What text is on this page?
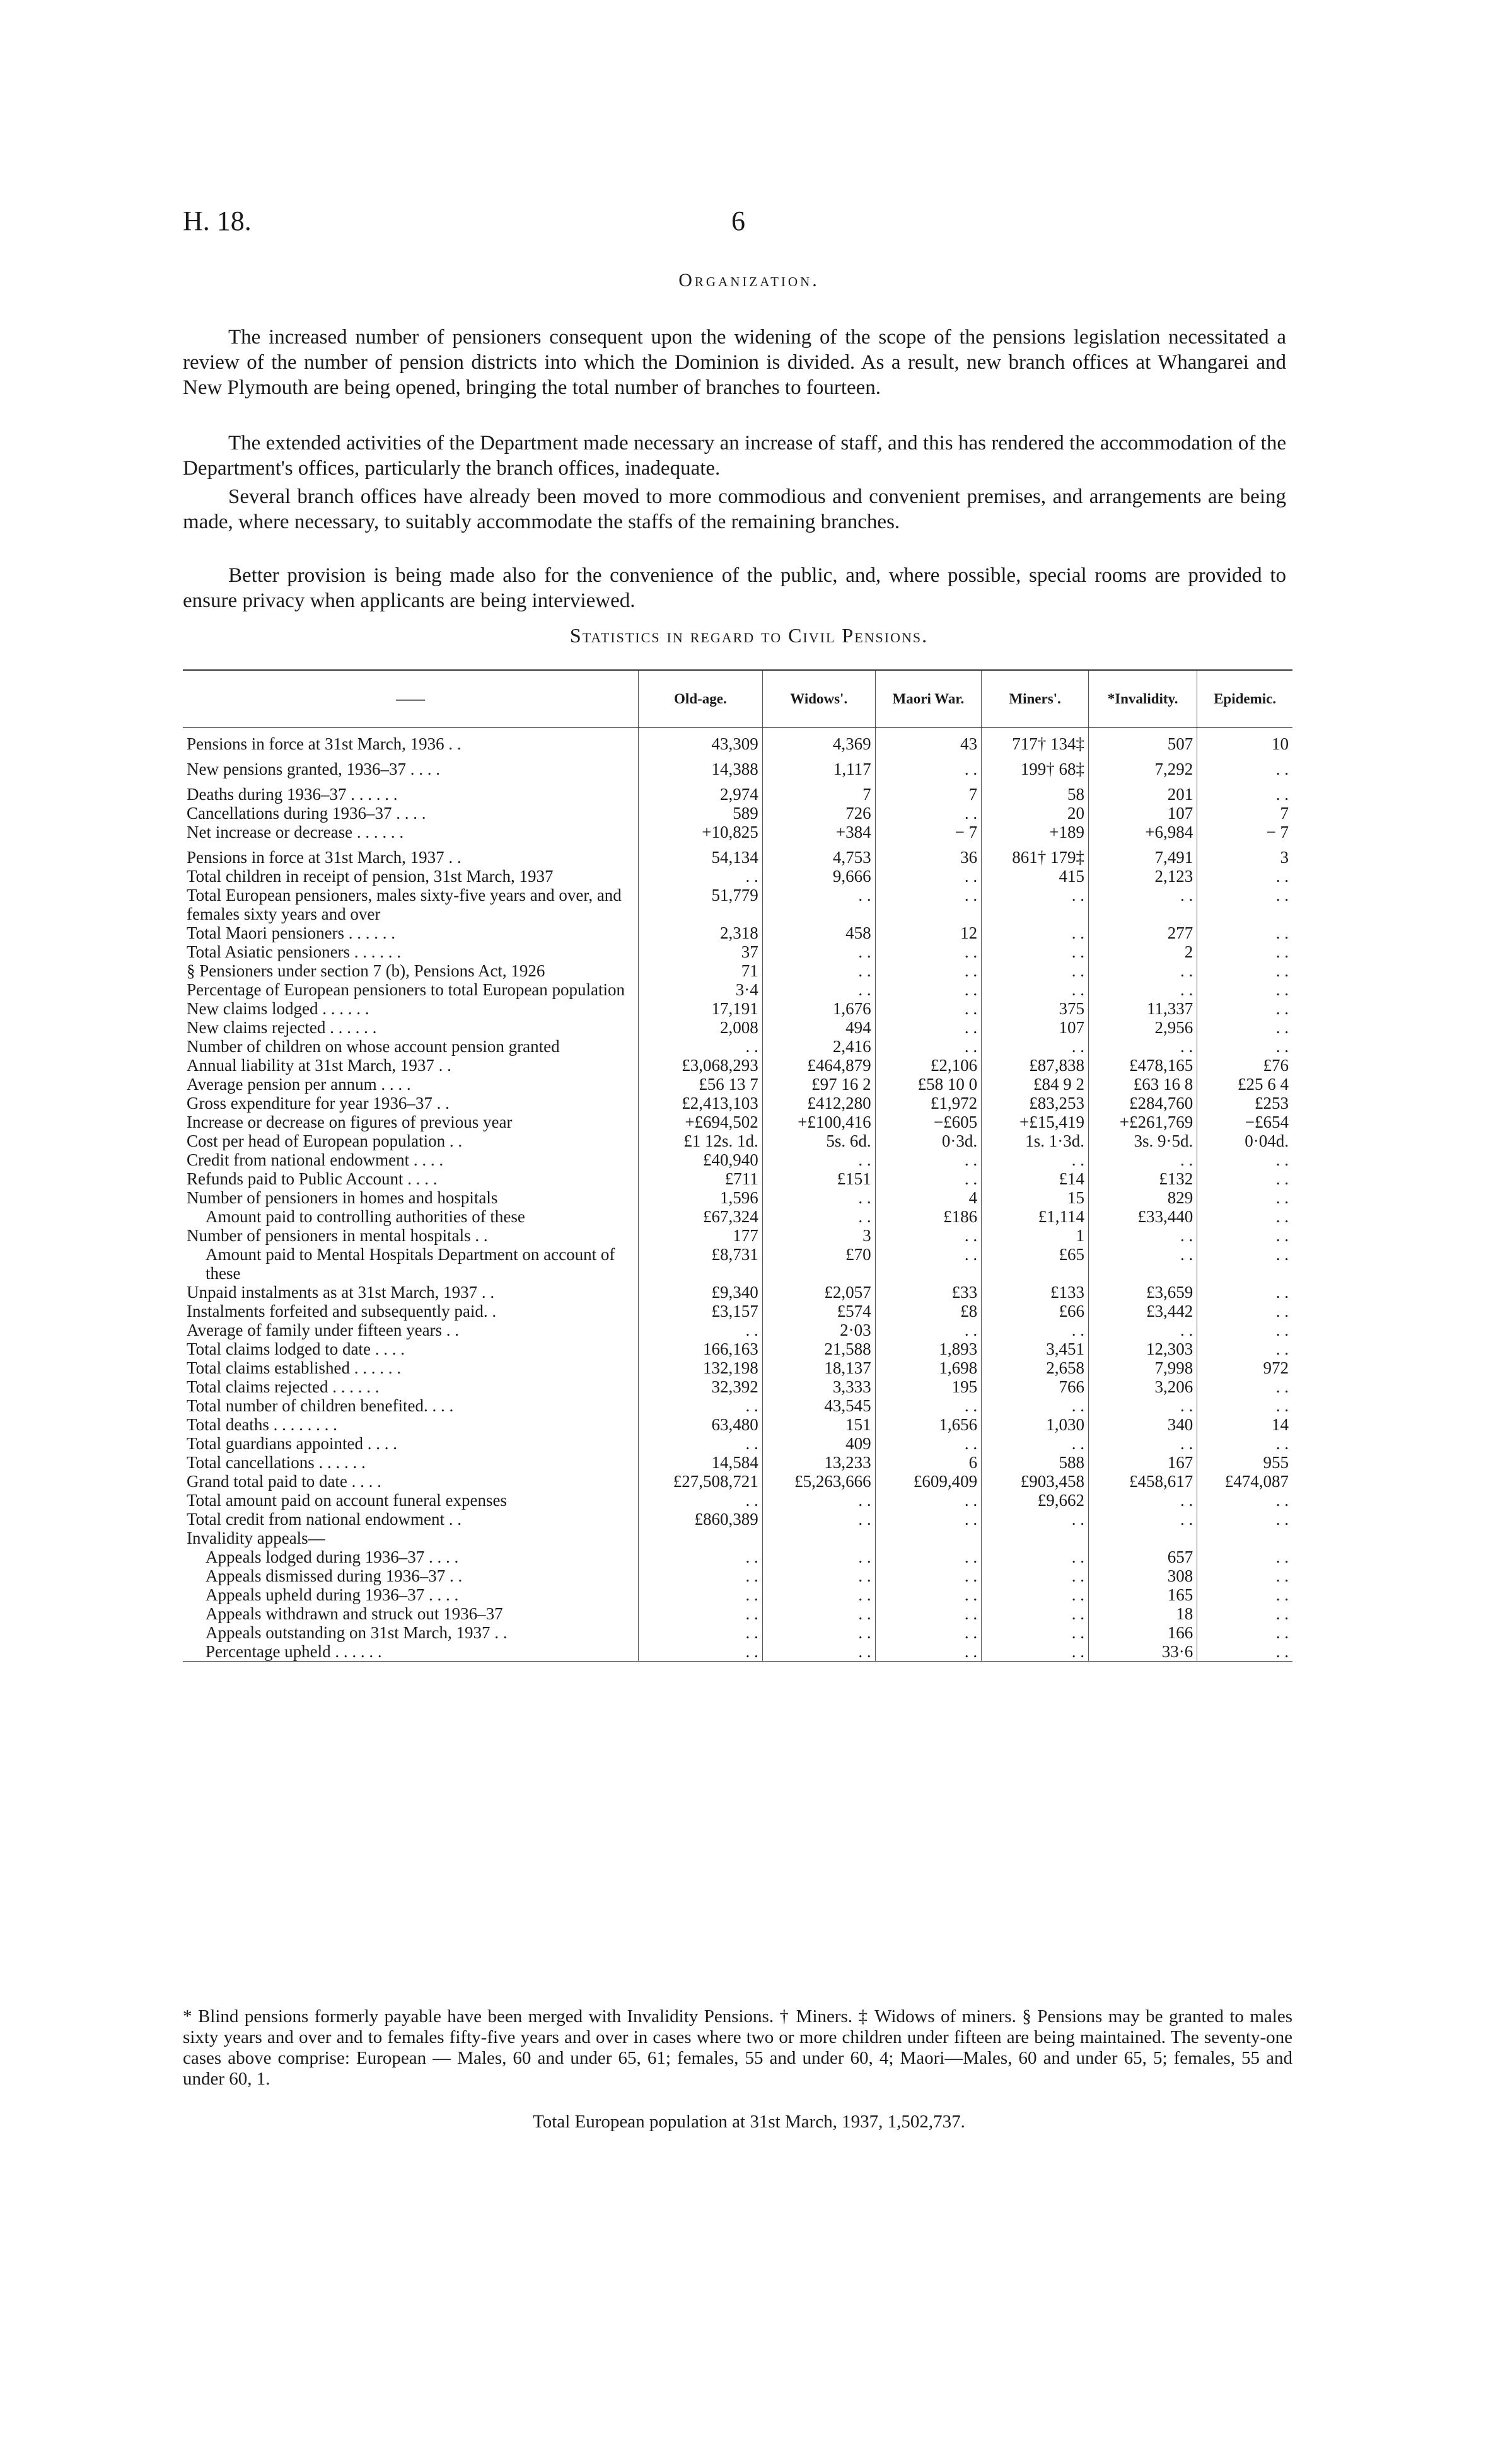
H. 18.	6
Organization.

The increased number of pensioners consequent upon the widening of the scope of the pensions legislation necessitated a review of the number of pension districts into which the Dominion is divided. As a result, new branch offices at Whangarei and New Plymouth are being opened, bringing the total number of branches to fourteen.

The extended activities of the Department made necessary an increase of staff, and this has rendered the accommodation of the Department's offices, particularly the branch offices, inadequate.

Several branch offices have already been moved to more commodious and convenient premises, and arrangements are being made, where necessary, to suitably accommodate the staffs of the remaining branches.

Better provision is being made also for the convenience of the public, and, where possible, special rooms are provided to ensure privacy when applicants are being interviewed.

Statistics in regard to Civil Pensions.
——	Old-age.	Widows'.	Maori War.	Miners'.	*Invalidity.	Epidemic.
Pensions in force at 31st March, 1936 . .	43,309	4,369	43	717† 134‡	507	10
New pensions granted, 1936–37 . . . .	14,388	1,117	. .	199† 68‡	7,292	. .
Deaths during 1936–37 . . . . . .	2,974	7	7	58	201	. .
Cancellations during 1936–37 . . . .	589	726	. .	20	107	7
Net increase or decrease . . . . . .	+10,825	+384	− 7	+189	+6,984	− 7
Pensions in force at 31st March, 1937 . .	54,134	4,753	36	861† 179‡	7,491	3
Total children in receipt of pension, 31st March, 1937	. .	9,666	. .	415	2,123	. .
Total European pensioners, males sixty-five years and over, and females sixty years and over	51,779	. .	. .	. .	. .	. .
Total Maori pensioners . . . . . .	2,318	458	12	. .	277	. .
Total Asiatic pensioners . . . . . .	37	. .	. .	. .	2	. .
§ Pensioners under section 7 (b), Pensions Act, 1926	71	. .	. .	. .	. .	. .
Percentage of European pensioners to total European population	3·4	. .	. .	. .	. .	. .
New claims lodged . . . . . .	17,191	1,676	. .	375	11,337	. .
New claims rejected . . . . . .	2,008	494	. .	107	2,956	. .
Number of children on whose account pension granted	. .	2,416	. .	. .	. .	. .
Annual liability at 31st March, 1937 . .	£3,068,293	£464,879	£2,106	£87,838	£478,165	£76
Average pension per annum . . . .	£56 13 7	£97 16 2	£58 10 0	£84 9 2	£63 16 8	£25 6 4
Gross expenditure for year 1936–37 . .	£2,413,103	£412,280	£1,972	£83,253	£284,760	£253
Increase or decrease on figures of previous year	+£694,502	+£100,416	−£605	+£15,419	+£261,769	−£654
Cost per head of European population . .	£1 12s. 1d.	5s. 6d.	0·3d.	1s. 1·3d.	3s. 9·5d.	0·04d.
Credit from national endowment . . . .	£40,940	. .	. .	. .	. .	. .
Refunds paid to Public Account . . . .	£711	£151	. .	£14	£132	. .
Number of pensioners in homes and hospitals	1,596	. .	4	15	829	. .
Amount paid to controlling authorities of these	£67,324	. .	£186	£1,114	£33,440	. .
Number of pensioners in mental hospitals . .	177	3	. .	1	. .	. .
Amount paid to Mental Hospitals Department on account of these	£8,731	£70	. .	£65	. .	. .
Unpaid instalments as at 31st March, 1937 . .	£9,340	£2,057	£33	£133	£3,659	. .
Instalments forfeited and subsequently paid. .	£3,157	£574	£8	£66	£3,442	. .
Average of family under fifteen years . .	. .	2·03	. .	. .	. .	. .
Total claims lodged to date . . . .	166,163	21,588	1,893	3,451	12,303	. .
Total claims established . . . . . .	132,198	18,137	1,698	2,658	7,998	972
Total claims rejected . . . . . .	32,392	3,333	195	766	3,206	. .
Total number of children benefited. . . .	. .	43,545	. .	. .	. .	. .
Total deaths . . . . . . . .	63,480	151	1,656	1,030	340	14
Total guardians appointed . . . .	. .	409	. .	. .	. .	. .
Total cancellations . . . . . .	14,584	13,233	6	588	167	955
Grand total paid to date . . . .	£27,508,721	£5,263,666	£609,409	£903,458	£458,617	£474,087
Total amount paid on account funeral expenses	. .	. .	. .	£9,662	. .	. .
Total credit from national endowment . .	£860,389	. .	. .	. .	. .	. .
Invalidity appeals—						
Appeals lodged during 1936–37 . . . .	. .	. .	. .	. .	657	. .
Appeals dismissed during 1936–37 . .	. .	. .	. .	. .	308	. .
Appeals upheld during 1936–37 . . . .	. .	. .	. .	. .	165	. .
Appeals withdrawn and struck out 1936–37	. .	. .	. .	. .	18	. .
Appeals outstanding on 31st March, 1937 . .	. .	. .	. .	. .	166	. .
Percentage upheld . . . . . .	. .	. .	. .	. .	33·6	. .

* Blind pensions formerly payable have been merged with Invalidity Pensions. † Miners. ‡ Widows of miners. § Pensions may be granted to males sixty years and over and to females fifty-five years and over in cases where two or more children under fifteen are being maintained. The seventy-one cases above comprise: European — Males, 60 and under 65, 61; females, 55 and under 60, 4; Maori—Males, 60 and under 65, 5; females, 55 and under 60, 1.

Total European population at 31st March, 1937, 1,502,737.
